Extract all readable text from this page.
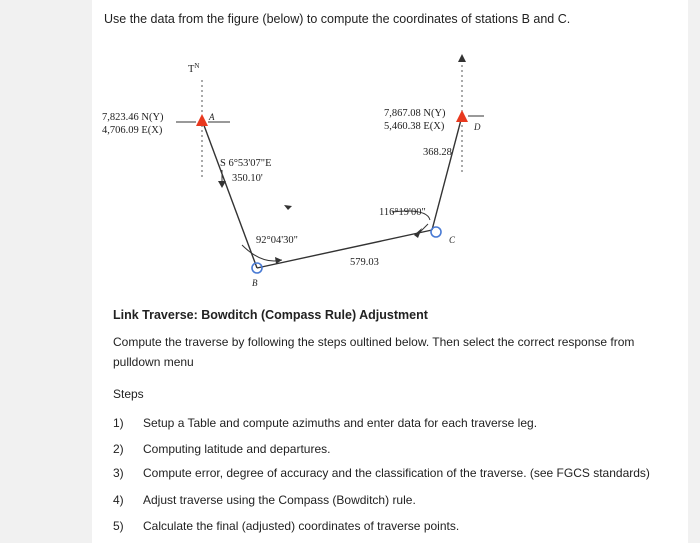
Use the data from the figure (below) to compute the coordinates of stations B and C.
$T^N$
7,823.46 N(Y)
4,706.09 E(X)
A	7,867.08 N(Y)
5,460.38 E(X)	D
S 6°53'07"E
350.10'
92°04'30"
579.03
116°19'00"
368.28
B
C
Link Traverse: Bowditch (Compass Rule) Adjustment
Compute the traverse by following the steps oultined below. Then select the correct response from pulldown menu
Steps
1) Setup a Table and compute azimuths and enter data for each traverse leg.
2) Computing latitude and departures.
3) Compute error, degree of accuracy and the classification of the traverse. (see FGCS standards)
4) Adjust traverse using the Compass (Bowditch) rule.
5) Calculate the final (adjusted) coordinates of traverse points.
